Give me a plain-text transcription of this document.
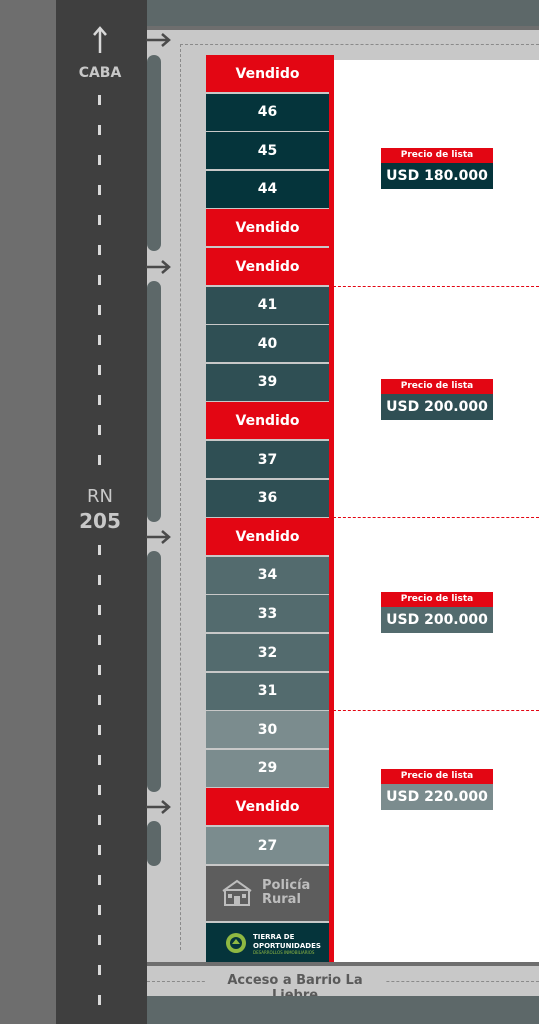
CABA
RN
205
Vendido
46
45
44
Vendido
Vendido
41
40
39
Vendido
37
36
Vendido
34
33
32
31
30
29
Vendido
27
Precio de lista
USD 180.000
Precio de lista
USD 200.000
Precio de lista
USD 200.000
Precio de lista
USD 220.000
Policía
Rural
TIERRA DE
OPORTUNIDADES
DESARROLLOS INMOBILIARIOS
Acceso a Barrio La
